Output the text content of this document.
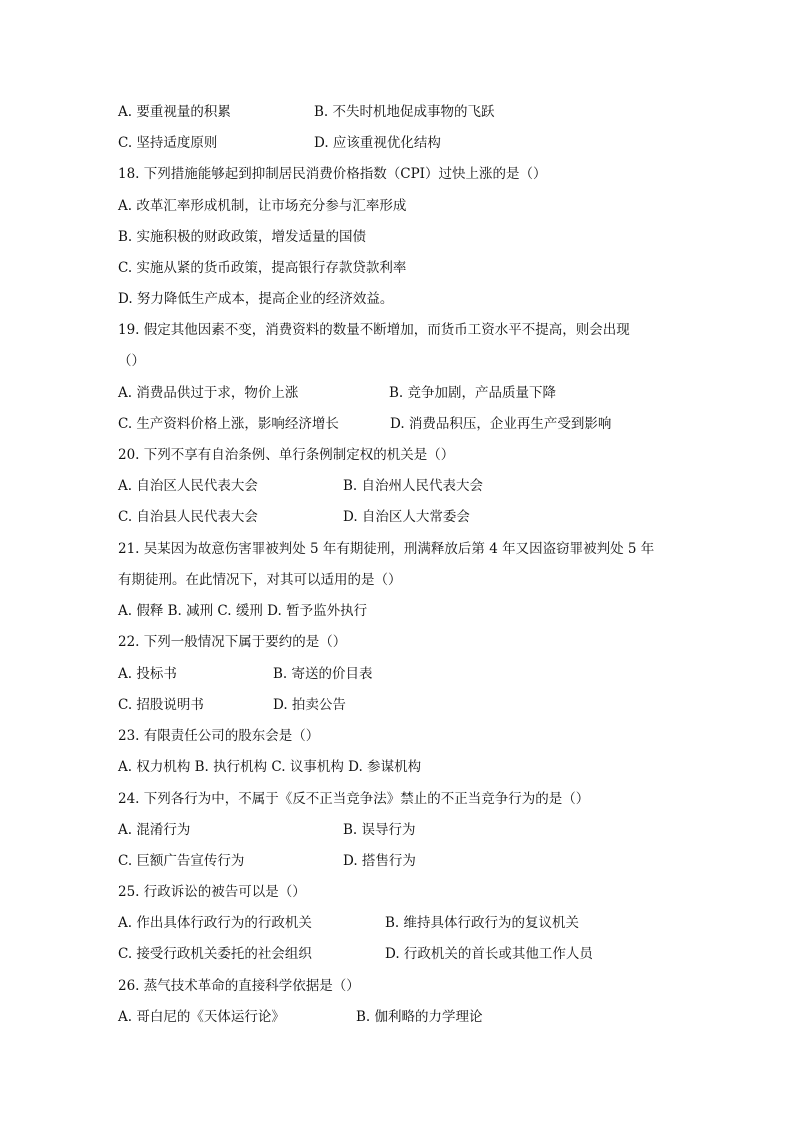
A. 要重视量的积累	B. 不失时机地促成事物的飞跃
C. 坚持适度原则	D. 应该重视优化结构
18. 下列措施能够起到抑制居民消费价格指数（CPI）过快上涨的是（）
A. 改革汇率形成机制，让市场充分参与汇率形成
B. 实施积极的财政政策，增发适量的国债
C. 实施从紧的货币政策，提高银行存款贷款利率
D. 努力降低生产成本，提高企业的经济效益。
19. 假定其他因素不变，消费资料的数量不断增加，而货币工资水平不提高，则会出现
（）
A. 消费品供过于求，物价上涨	B. 竞争加剧，产品质量下降
C. 生产资料价格上涨，影响经济增长	D. 消费品积压，企业再生产受到影响
20. 下列不享有自治条例、单行条例制定权的机关是（）
A. 自治区人民代表大会	B. 自治州人民代表大会
C. 自治县人民代表大会	D. 自治区人大常委会
21. 吴某因为故意伤害罪被判处 5 年有期徒刑，刑满释放后第 4 年又因盗窃罪被判处 5 年
有期徒刑。在此情况下，对其可以适用的是（）
A. 假释 B. 减刑 C. 缓刑 D. 暂予监外执行
22. 下列一般情况下属于要约的是（）
A. 投标书	B. 寄送的价目表
C. 招股说明书	D. 拍卖公告
23. 有限责任公司的股东会是（）
A. 权力机构 B. 执行机构 C. 议事机构 D. 参谋机构
24. 下列各行为中，不属于《反不正当竞争法》禁止的不正当竞争行为的是（）
A. 混淆行为	B. 误导行为
C. 巨额广告宣传行为	D. 搭售行为
25. 行政诉讼的被告可以是（）
A. 作出具体行政行为的行政机关	B. 维持具体行政行为的复议机关
C. 接受行政机关委托的社会组织	D. 行政机关的首长或其他工作人员
26. 蒸气技术革命的直接科学依据是（）
A. 哥白尼的《天体运行论》	B. 伽利略的力学理论
